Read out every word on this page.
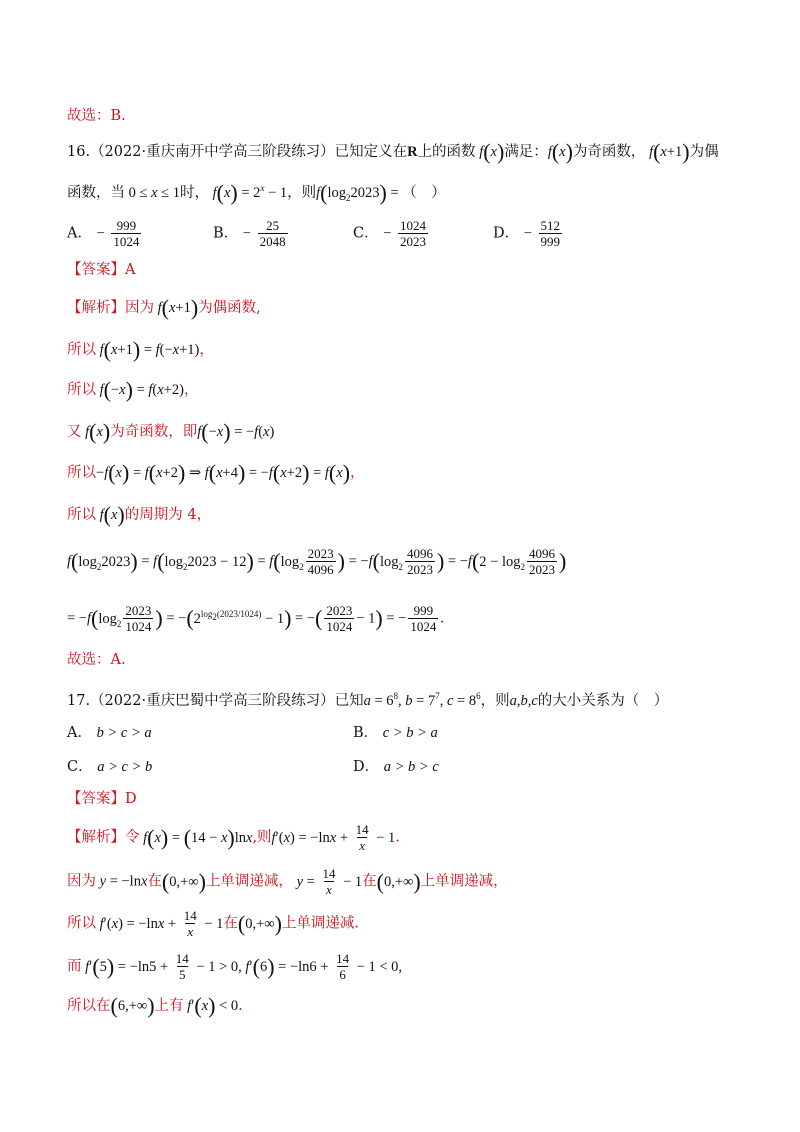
故选：B.
16.（2022·重庆南开中学高三阶段练习）已知定义在R上的函数 f(x)满足：f(x)为奇函数， f(x+1)为偶
函数，当 0 ≤ x ≤ 1时， $f(x) = 2^x - 1$，则$f(\log_22023)$ = （　）
A． − $\frac{999}{1024}$	B． − $\frac{25}{2048}$	C． − $\frac{1024}{2023}$	D． − $\frac{512}{999}$
【答案】A
【解析】因为 f(x+1)为偶函数,
所以 f(x+1) = f(−x+1)，
所以 f(−x) = f(x+2)，
又 f(x)为奇函数，即f(−x) = −f(x)
所以−f(x) = f(x+2) ⇒ f(x+4) = −f(x+2) = f(x)，
所以 f(x)的周期为 4，
$f(\log_22023) = f(\log_22023 - 12) = f(\log_2 \frac{2023}{4096}$ ) = $-f(\log_2 \frac{4096}{2023}$ ) = $-f(2 - \log_2 \frac{4096}{2023}$ )
= $-f(\log_2 \frac{2023}{1024}$ ) = $-(2^{log_2(2023/1024)} - 1)$ = −( $\frac{2023}{1024} - 1$) = − $\frac{999}{1024}$ .
故选：A.
17.（2022·重庆巴蜀中学高三阶段练习）已知$a = 6^8$, $b = 7^7$, $c = 8^6$，则a,b,c的大小关系为（　）
A． b > c > a	B． c > b > a
C． a > c > b	D． a > b > c
【答案】D
【解析】令 f(x) = (14 − x)lnx,则$f'(x) = -\ln x + \frac{14}{x} - 1$.
因为 y = −lnx在(0,+∞)上单调递减， $y = \frac{14}{x} - 1$在(0,+∞)上单调递减，
所以 $f'(x) = -\ln x + \frac{14}{x} - 1$在(0,+∞)上单调递减.
而 $f'(5) = -\ln 5 + \frac{14}{5} - 1 > 0$, $f'(6) = -\ln 6 + \frac{14}{6} - 1 < 0$,
所以在(6,+∞)上有 f′(x) < 0.
